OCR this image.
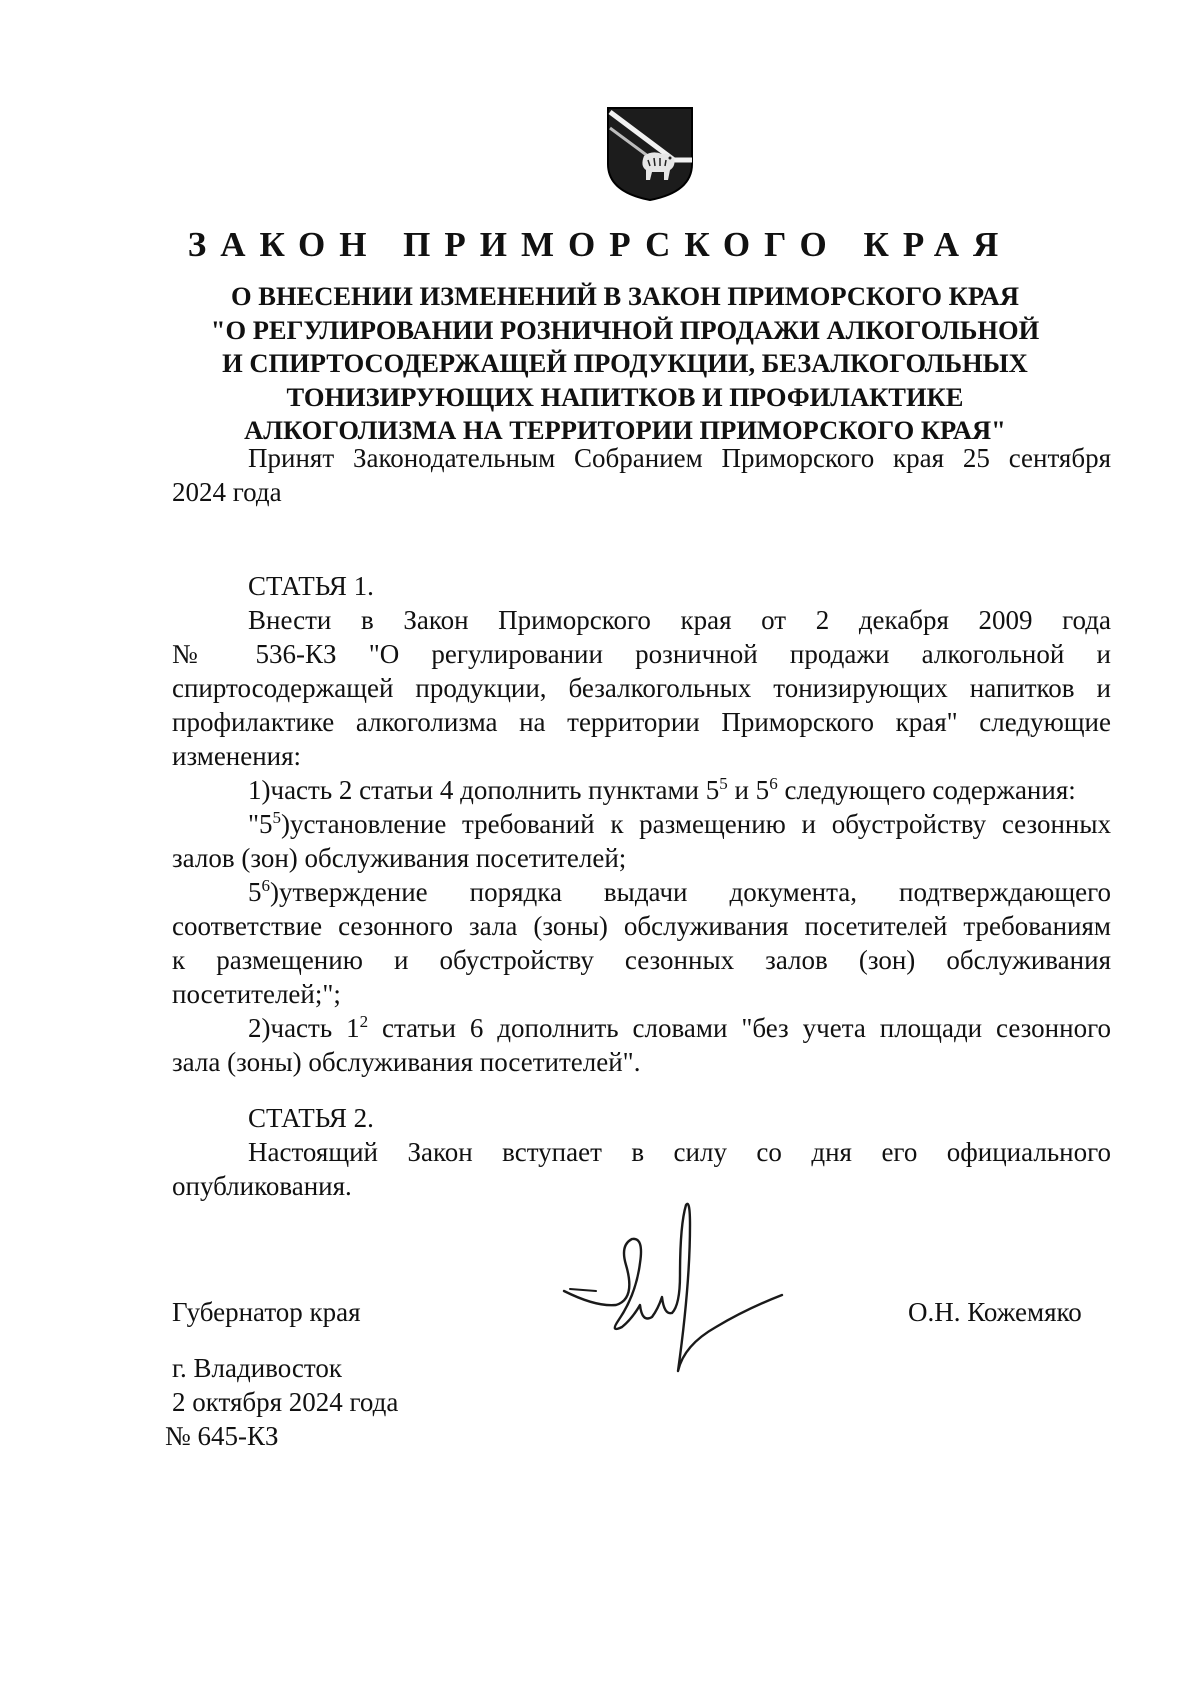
ЗАКОН ПРИМОРСКОГО КРАЯ
О ВНЕСЕНИИ ИЗМЕНЕНИЙ В ЗАКОН ПРИМОРСКОГО КРАЯ
"О РЕГУЛИРОВАНИИ РОЗНИЧНОЙ ПРОДАЖИ АЛКОГОЛЬНОЙ
И СПИРТОСОДЕРЖАЩЕЙ ПРОДУКЦИИ, БЕЗАЛКОГОЛЬНЫХ
ТОНИЗИРУЮЩИХ НАПИТКОВ И ПРОФИЛАКТИКЕ
АЛКОГОЛИЗМА НА ТЕРРИТОРИИ ПРИМОРСКОГО КРАЯ"
Принят Законодательным Собранием Приморского края 25 сентября
2024 года
СТАТЬЯ 1.
Внести в Закон Приморского края от 2 декабря 2009 года
№ 536-КЗ "О регулировании розничной продажи алкогольной и
спиртосодержащей продукции, безалкогольных тонизирующих напитков и
профилактике алкоголизма на территории Приморского края" следующие
изменения:
1)часть 2 статьи 4 дополнить пунктами $5^5$ и $5^6$ следующего содержания:
"$5^5)установление$ требований к размещению и обустройству сезонных
залов (зон) обслуживания посетителей;
$5^6)утверждение$ порядка выдачи документа, подтверждающего
соответствие сезонного зала (зоны) обслуживания посетителей требованиям
к размещению и обустройству сезонных залов (зон) обслуживания
посетителей;";
2)часть $1^2$ статьи 6 дополнить словами "без учета площади сезонного
зала (зоны) обслуживания посетителей".
СТАТЬЯ 2.
Настоящий Закон вступает в силу со дня его официального
опубликования.
Губернатор края	О.Н. Кожемяко
г. Владивосток
2 октября 2024 года
№ 645-КЗ
